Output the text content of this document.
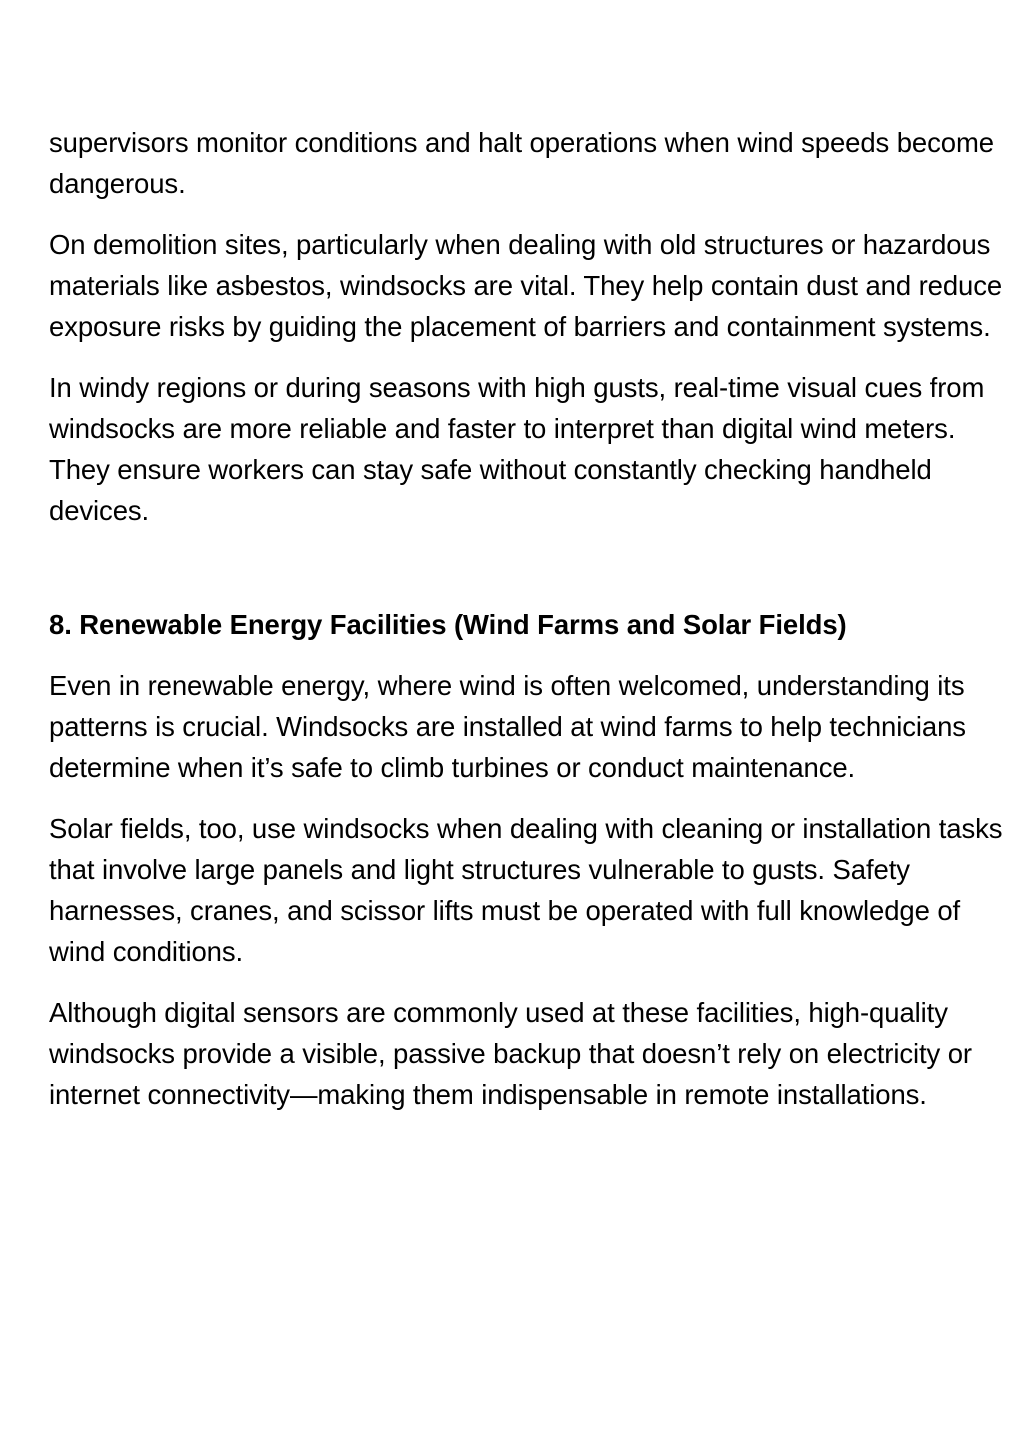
supervisors monitor conditions and halt operations when wind speeds become dangerous.

On demolition sites, particularly when dealing with old structures or hazardous materials like asbestos, windsocks are vital. They help contain dust and reduce exposure risks by guiding the placement of barriers and containment systems.

In windy regions or during seasons with high gusts, real-time visual cues from windsocks are more reliable and faster to interpret than digital wind meters. They ensure workers can stay safe without constantly checking handheld devices.

8. Renewable Energy Facilities (Wind Farms and Solar Fields)

Even in renewable energy, where wind is often welcomed, understanding its patterns is crucial. Windsocks are installed at wind farms to help technicians determine when it’s safe to climb turbines or conduct maintenance.

Solar fields, too, use windsocks when dealing with cleaning or installation tasks that involve large panels and light structures vulnerable to gusts. Safety harnesses, cranes, and scissor lifts must be operated with full knowledge of wind conditions.

Although digital sensors are commonly used at these facilities, high-quality windsocks provide a visible, passive backup that doesn’t rely on electricity or internet connectivity—making them indispensable in remote installations.
